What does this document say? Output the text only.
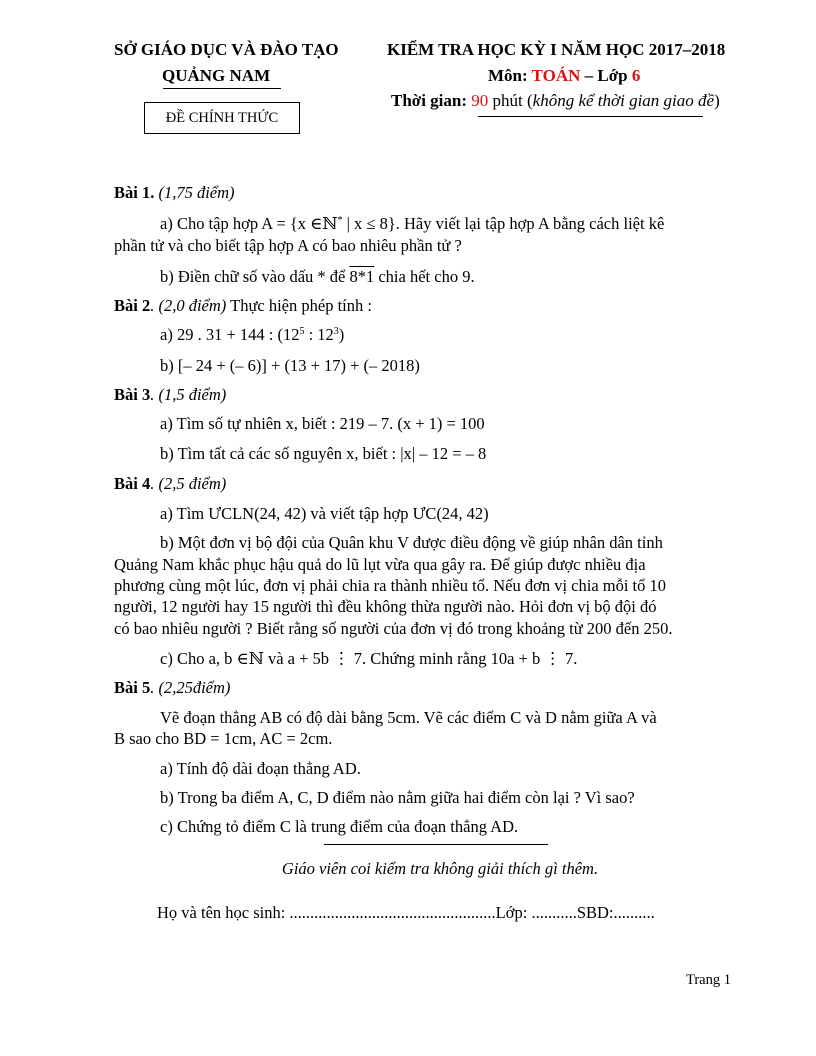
SỞ GIÁO DỤC VÀ ĐÀO TẠO
QUẢNG NAM
ĐỀ CHÍNH THỨC
KIỂM TRA HỌC KỲ I NĂM HỌC 2017–2018
Môn: TOÁN – Lớp 6
Thời gian: 90 phút (không kể thời gian giao đề)
Bài 1. (1,75 điểm)
a) Cho tập hợp A = {x ∈ℕ* | x ≤ 8}. Hãy viết lại tập hợp A bằng cách liệt kê
phần tử và cho biết tập hợp A có bao nhiêu phần tử ?
b) Điền chữ số vào dấu * để 8*1 chia hết cho 9.
Bài 2. (2,0 điểm) Thực hiện phép tính :
a) 29 . 31 + 144 : ($12^5$ : $12^3$)
b) [– 24 + (– 6)] + (13 + 17) + (– 2018)
Bài 3. (1,5 điểm)
a) Tìm số tự nhiên x, biết : 219 – 7. (x + 1) = 100
b) Tìm tất cả các số nguyên x, biết : |x| – 12 = – 8
Bài 4. (2,5 điểm)
a) Tìm ƯCLN(24, 42) và viết tập hợp ƯC(24, 42)
b) Một đơn vị bộ đội của Quân khu V được điều động về giúp nhân dân tỉnh
Quảng Nam khắc phục hậu quả do lũ lụt vừa qua gây ra. Để giúp được nhiều địa
phương cùng một lúc, đơn vị phải chia ra thành nhiều tổ. Nếu đơn vị chia mỗi tổ 10
người, 12 người hay 15 người thì đều không thừa người nào. Hỏi đơn vị bộ đội đó
có bao nhiêu người ? Biết rằng số người của đơn vị đó trong khoảng từ 200 đến 250.
c) Cho a, b ∈ℕ và a + 5b ⋮ 7. Chứng minh rằng 10a + b ⋮ 7.
Bài 5. (2,25điểm)
Vẽ đoạn thẳng AB có độ dài bằng 5cm. Vẽ các điểm C và D nằm giữa A và
B sao cho BD = 1cm, AC = 2cm.
a) Tính độ dài đoạn thẳng AD.
b) Trong ba điểm A, C, D điểm nào nằm giữa hai điểm còn lại ? Vì sao?
c) Chứng tỏ điểm C là trung điểm của đoạn thẳng AD.
Giáo viên coi kiểm tra không giải thích gì thêm.
Họ và tên học sinh: ..................................................Lớp: ...........SBD:..........
Trang 1
